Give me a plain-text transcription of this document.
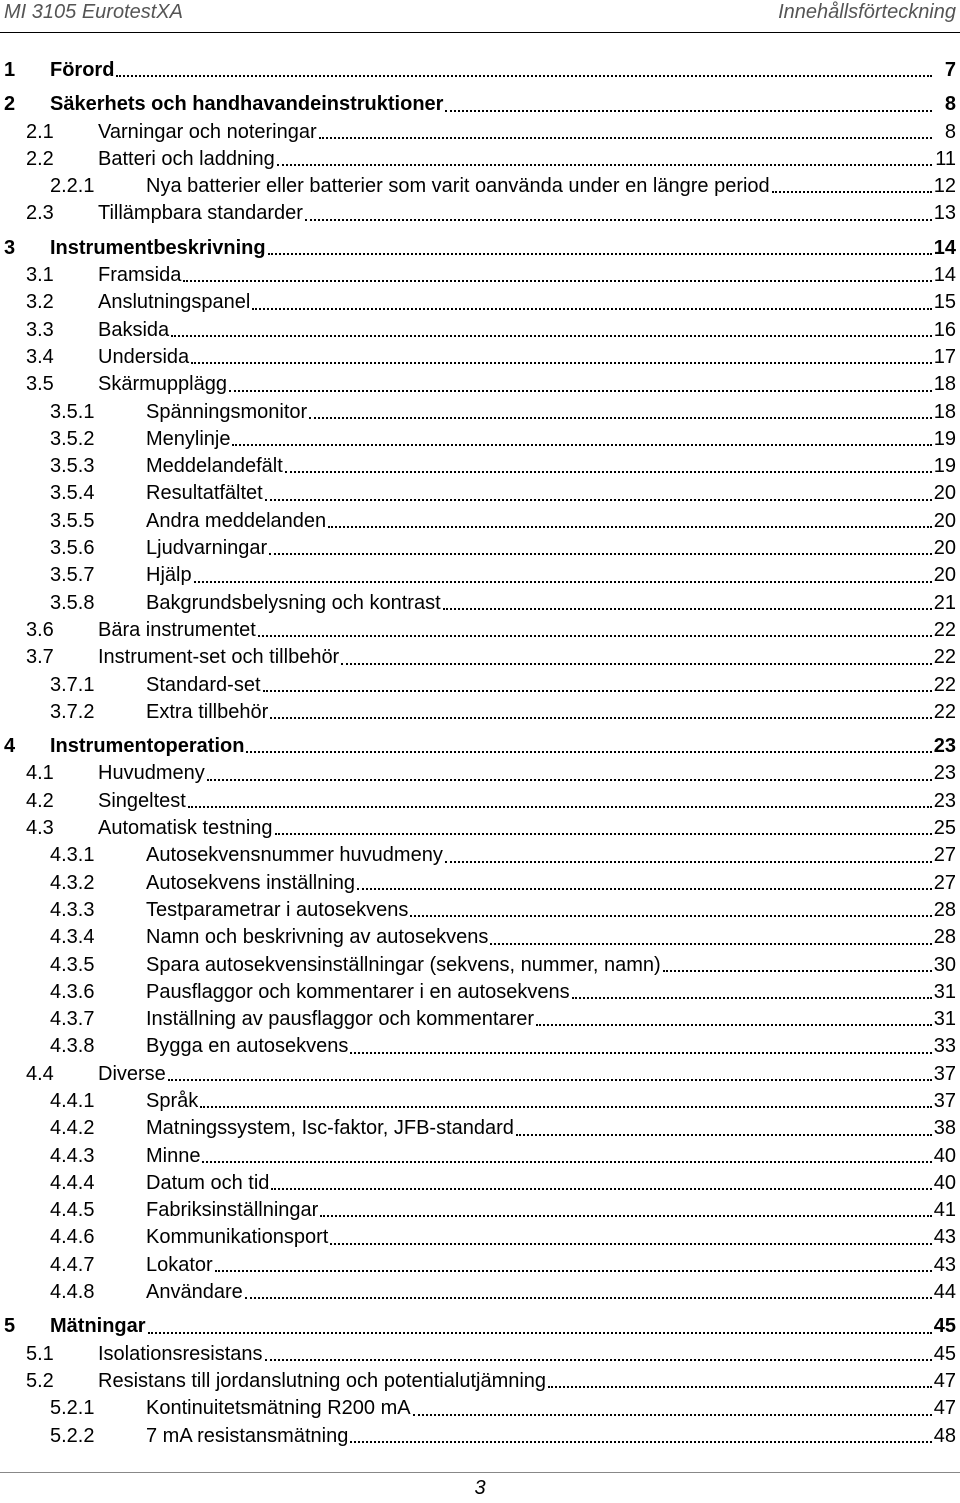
MI 3105 EurotestXA	Innehållsförteckning
1	Förord	7
2	Säkerhets och handhavandeinstruktioner	8
2.1	Varningar och noteringar	8
2.2	Batteri och laddning	11
2.2.1	Nya batterier eller batterier som varit oanvända under en längre period	12
2.3	Tillämpbara standarder	13
3	Instrumentbeskrivning	14
3.1	Framsida	14
3.2	Anslutningspanel	15
3.3	Baksida	16
3.4	Undersida	17
3.5	Skärmupplägg	18
3.5.1	Spänningsmonitor	18
3.5.2	Menylinje	19
3.5.3	Meddelandefält	19
3.5.4	Resultatfältet	20
3.5.5	Andra meddelanden	20
3.5.6	Ljudvarningar	20
3.5.7	Hjälp	20
3.5.8	Bakgrundsbelysning och kontrast	21
3.6	Bära instrumentet	22
3.7	Instrument-set och tillbehör	22
3.7.1	Standard-set	22
3.7.2	Extra tillbehör	22
4	Instrumentoperation	23
4.1	Huvudmeny	23
4.2	Singeltest	23
4.3	Automatisk testning	25
4.3.1	Autosekvensnummer huvudmeny	27
4.3.2	Autosekvens inställning	27
4.3.3	Testparametrar i autosekvens	28
4.3.4	Namn och beskrivning av autosekvens	28
4.3.5	Spara autosekvensinställningar (sekvens, nummer, namn)	30
4.3.6	Pausflaggor och kommentarer i en autosekvens	31
4.3.7	Inställning av pausflaggor och kommentarer	31
4.3.8	Bygga en autosekvens	33
4.4	Diverse	37
4.4.1	Språk	37
4.4.2	Matningssystem, Isc-faktor, JFB-standard	38
4.4.3	Minne	40
4.4.4	Datum och tid	40
4.4.5	Fabriksinställningar	41
4.4.6	Kommunikationsport	43
4.4.7	Lokator	43
4.4.8	Användare	44
5	Mätningar	45
5.1	Isolationsresistans	45
5.2	Resistans till jordanslutning och potentialutjämning	47
5.2.1	Kontinuitetsmätning R200 mA	47
5.2.2	7 mA resistansmätning	48
3
